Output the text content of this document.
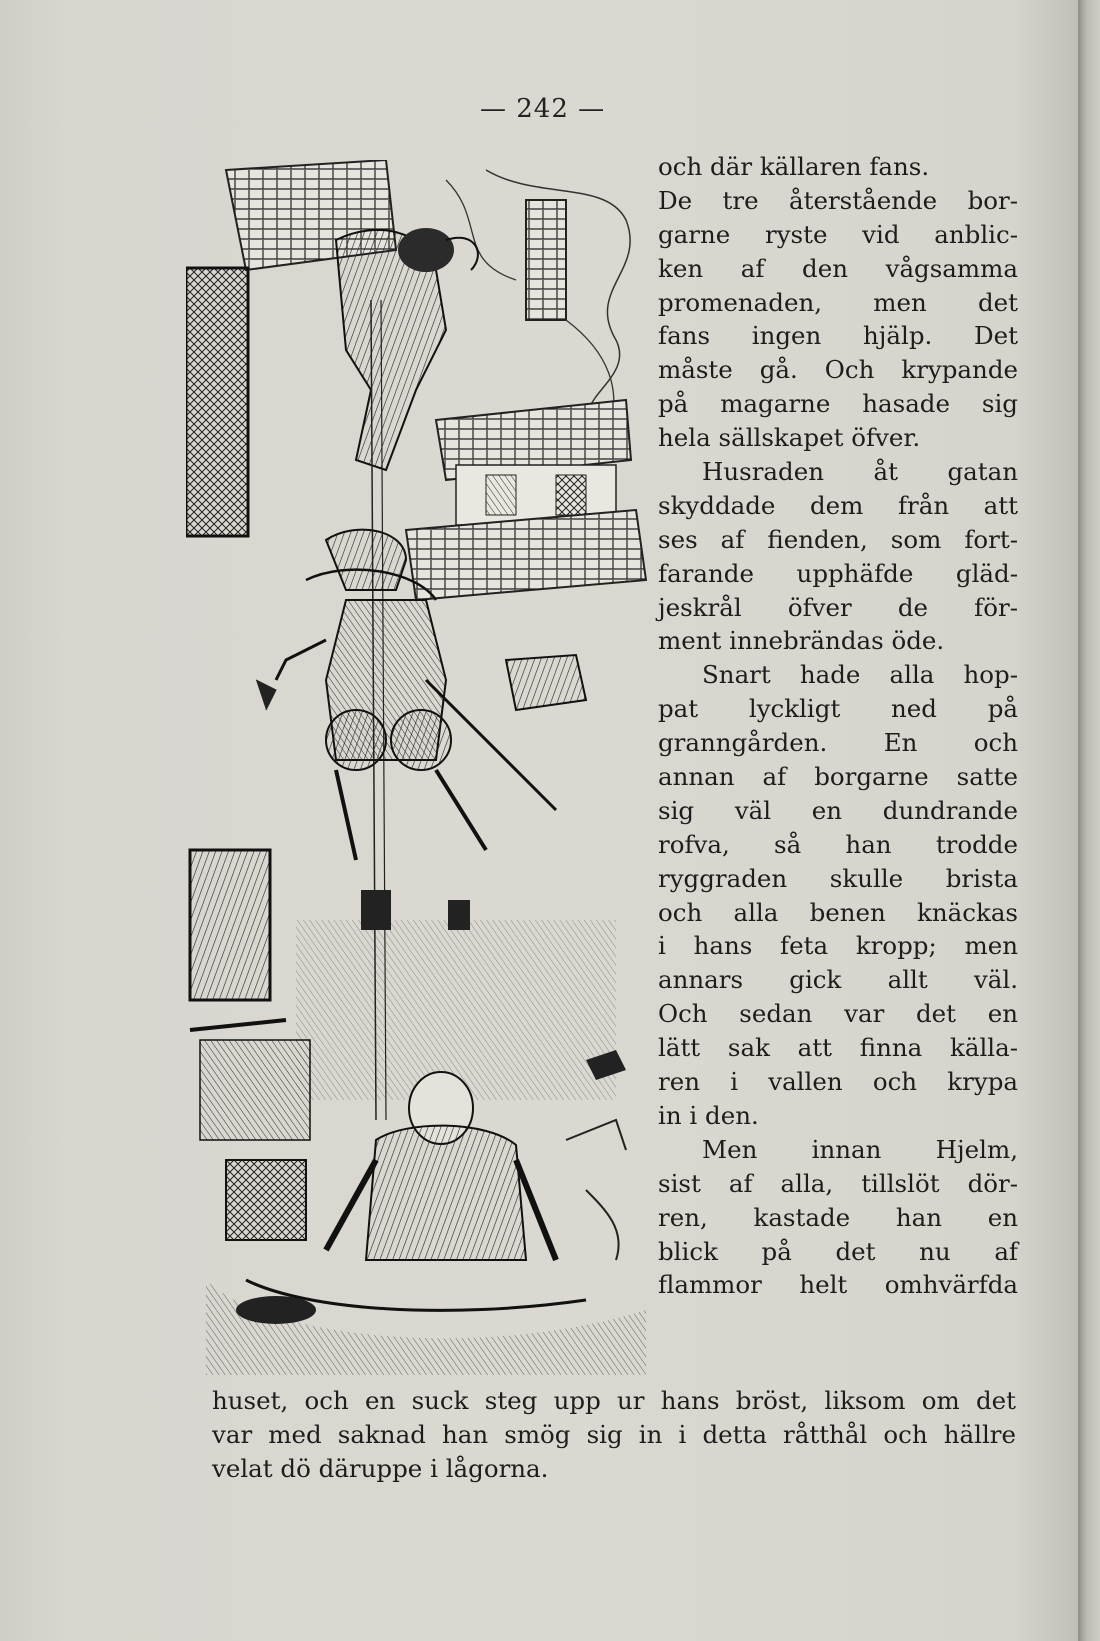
— 242 —
och där källaren fans.
De tre återstående bor-
garne ryste vid anblic-
ken af den vågsamma
promenaden, men det
fans ingen hjälp. Det
måste gå. Och krypande
på magarne hasade sig
hela sällskapet öfver.
Husraden åt gatan
skyddade dem från att
ses af fienden, som fort-
farande upphäfde gläd-
jeskrål öfver de för-
ment innebrändas öde.
Snart hade alla hop-
pat lyckligt ned på
granngården. En och
annan af borgarne satte
sig väl en dundrande
rofva, så han trodde
ryggraden skulle brista
och alla benen knäckas
i hans feta kropp; men
annars gick allt väl.
Och sedan var det en
lätt sak att finna källa-
ren i vallen och krypa
in i den.
Men innan Hjelm,
sist af alla, tillslöt dör-
ren, kastade han en
blick på det nu af
flammor helt omhvärfda
huset, och en suck steg upp ur hans bröst, liksom om det
var med saknad han smög sig in i detta råtthål och hällre
velat dö däruppe i lågorna.
